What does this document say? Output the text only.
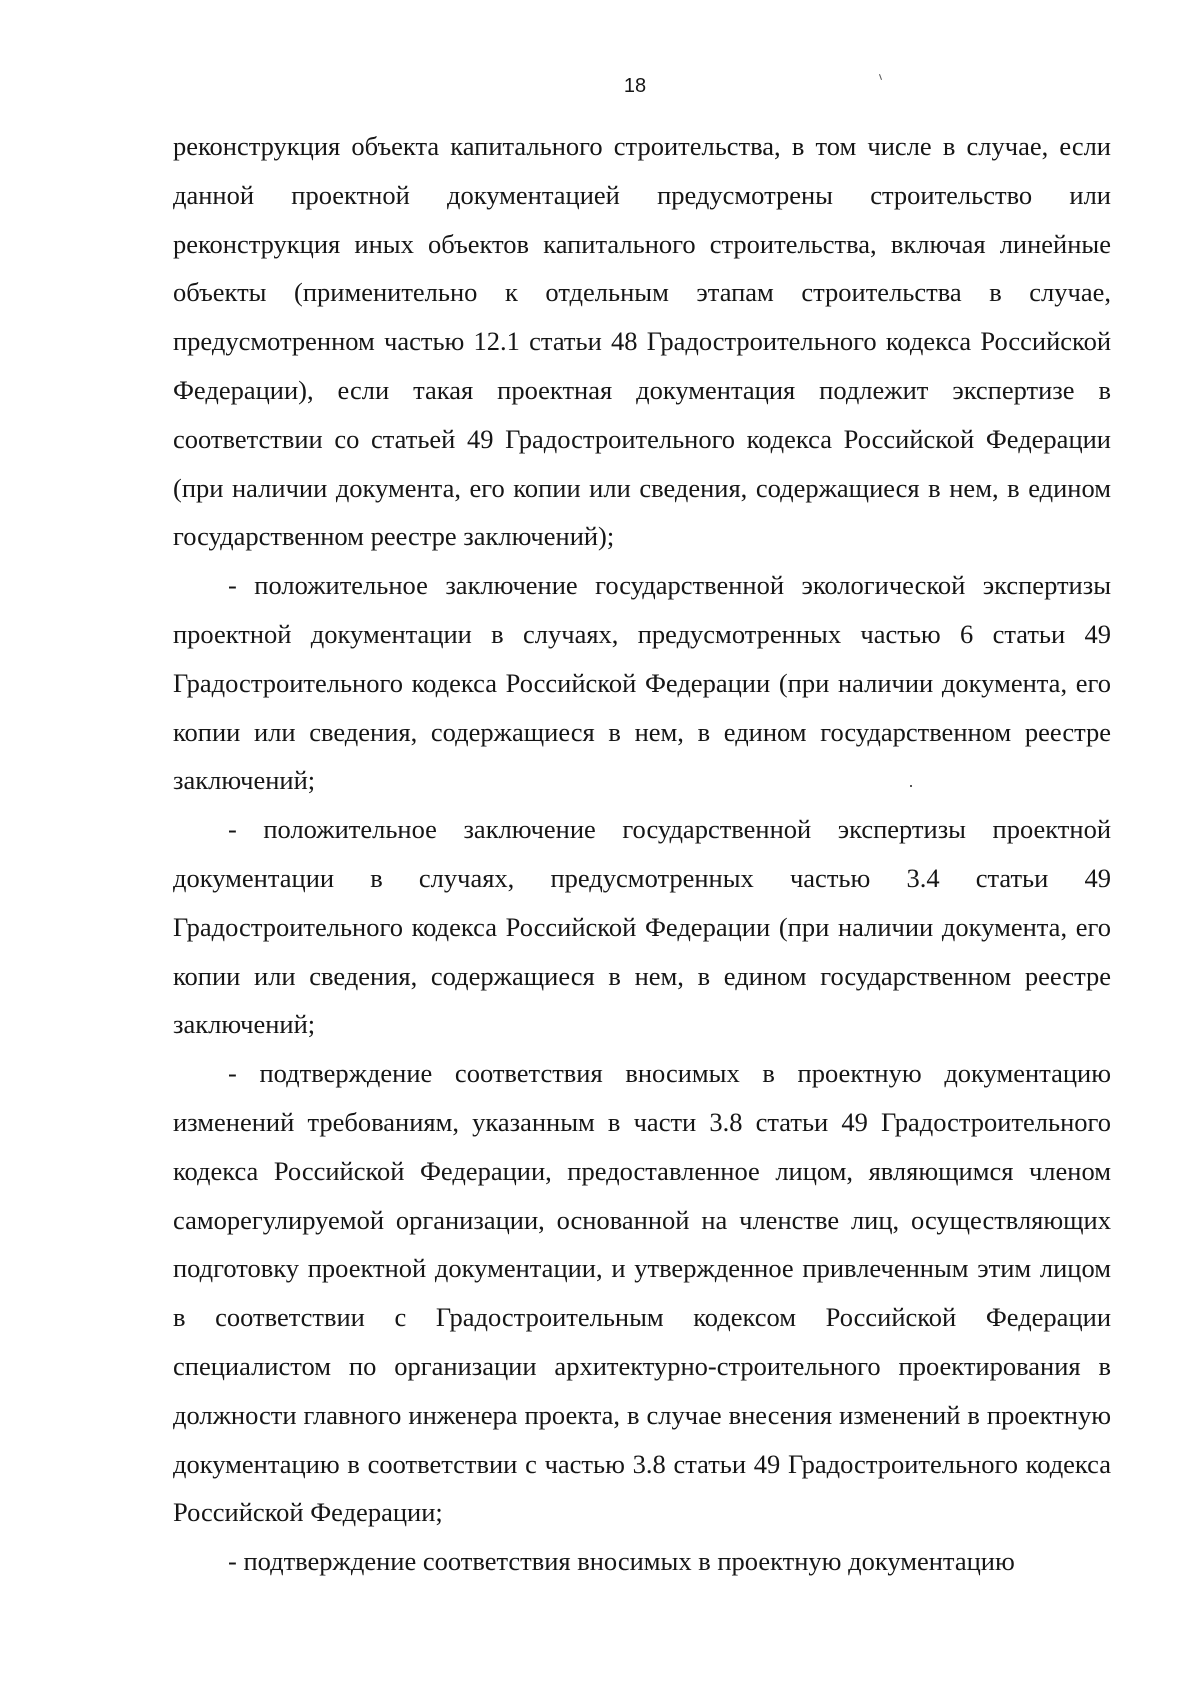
18

реконструкция объекта капитального строительства, в том числе в случае, если данной проектной документацией предусмотрены строительство или реконструкция иных объектов капитального строительства, включая линейные объекты (применительно к отдельным этапам строительства в случае, предусмотренном частью 12.1 статьи 48 Градостроительного кодекса Российской Федерации), если такая проектная документация подлежит экспертизе в соответствии со статьей 49 Градостроительного кодекса Российской Федерации (при наличии документа, его копии или сведения, содержащиеся в нем, в едином государственном реестре заключений);

- положительное заключение государственной экологической экспертизы проектной документации в случаях, предусмотренных частью 6 статьи 49 Градостроительного кодекса Российской Федерации (при наличии документа, его копии или сведения, содержащиеся в нем, в едином государственном реестре заключений;

- положительное заключение государственной экспертизы проектной документации в случаях, предусмотренных частью 3.4 статьи 49 Градостроительного кодекса Российской Федерации (при наличии документа, его копии или сведения, содержащиеся в нем, в едином государственном реестре заключений;

- подтверждение соответствия вносимых в проектную документацию изменений требованиям, указанным в части 3.8 статьи 49 Градостроительного кодекса Российской Федерации, предоставленное лицом, являющимся членом саморегулируемой организации, основанной на членстве лиц, осуществляющих подготовку проектной документации, и утвержденное привлеченным этим лицом в соответствии с Градостроительным кодексом Российской Федерации специалистом по организации архитектурно-строительного проектирования в должности главного инженера проекта, в случае внесения изменений в проектную документацию в соответствии с частью 3.8 статьи 49 Градостроительного кодекса Российской Федерации;

- подтверждение соответствия вносимых в проектную документацию
